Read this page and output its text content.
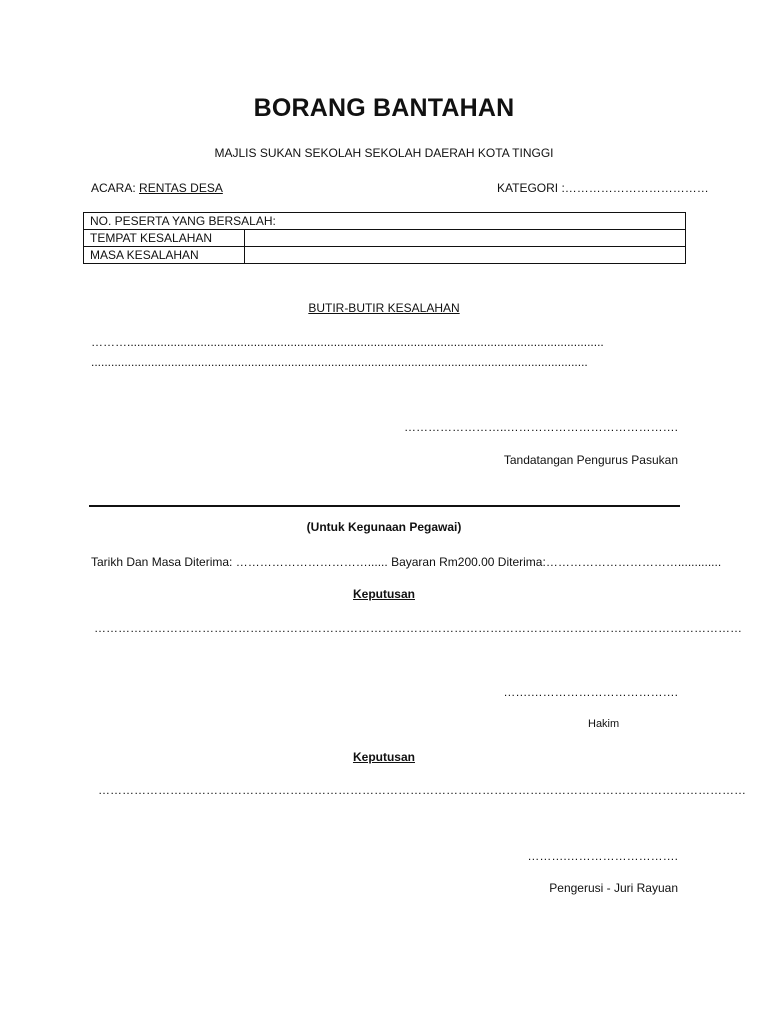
BORANG BANTAHAN
MAJLIS SUKAN SEKOLAH SEKOLAH DAERAH KOTA TINGGI
ACARA: RENTAS DESA	KATEGORI :………………………………
NO. PESERTA YANG BERSALAH:	
TEMPAT KESALAHAN	
MASA KESALAHAN	
BUTIR-BUTIR KESALAHAN
………...............................................................................................................................................
.....................................................................................................................................................
……………………..…………………………………….
Tandatangan Pengurus Pasukan
(Untuk Kegunaan Pegawai)
Tarikh Dan Masa Diterima: ……………………………...... Bayaran Rm200.00 Diterima:…………………………….............
Keputusan
………………………………………………………………………………………………………………………………………………
…….……………………………….
Hakim
Keputusan
………………………………………………………………………………………………………………………………………………
……….……………………….
Pengerusi - Juri Rayuan
